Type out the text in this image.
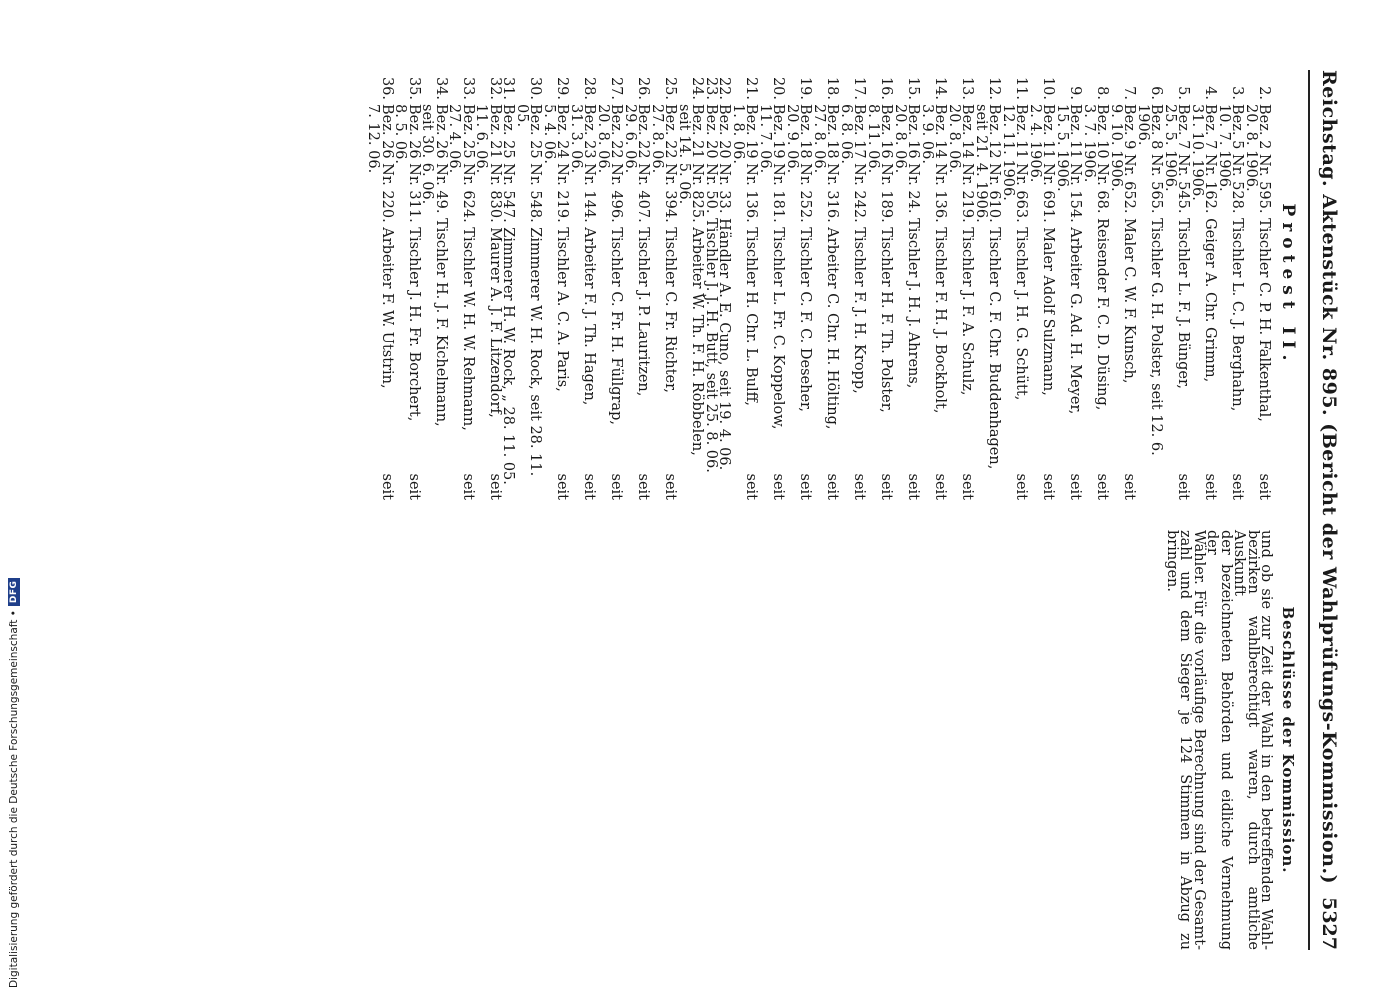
Reichstag. Aktenstück Nr. 895. (Bericht der Wahlprüfungs-Kommission.)
5327
Protest II.
2.
Bez. 2 Nr. 595. Tischler C. P. H. Falkenthal,
seit
20. 8. 1906.
3.
Bez. 5 Nr. 528. Tischler L. C. J. Berghahn,
seit
10. 7. 1906.
4.
Bez. 7 Nr. 162. Geiger A. Chr. Grimm,
seit
31. 10. 1906.
5.
Bez. 7 Nr. 545. Tischler L. F. J. Bünger,
seit
25. 5. 1906.
6.
Bez. 8 Nr. 565. Tischler G. H. Polster, seit 12. 6. 1906.
7.
Bez. 9 Nr. 652. Maler C. W. F. Kunsch,
seit
9. 10. 1906.
8.
Bez. 10 Nr. 68. Reisender F. C. D. Düsing,
seit
3. 7. 1906.
9.
Bez. 11 Nr. 154. Arbeiter G. Ad. H. Meyer,
seit
15. 5. 1906.
10.
Bez. 11 Nr. 691. Maler Adolf Sulzmann,
seit
2. 4. 1906.
11.
Bez. 11 Nr. 663. Tischler J. H. G. Schütt,
seit
12. 11. 1906.
12.
Bez. 12 Nr. 610. Tischler C. F. Chr. Buddenhagen,
seit 21. 4. 1906.
13.
Bez. 14 Nr. 219. Tischler J. F. A. Schulz,
seit
20. 8. 06.
14.
Bez. 14 Nr. 136. Tischler F. H. J. Bockholt,
seit
3. 9. 06.
15.
Bez. 16 Nr. 24. Tischler J. H. J. Ahrens,
seit
20. 8. 06.
16.
Bez. 16 Nr. 189. Tischler H. F. Th. Polster,
seit
8. 11. 06.
17.
Bez. 17 Nr. 242. Tischler F. J. H. Kropp,
seit
6. 8. 06.
18.
Bez. 18 Nr. 316. Arbeiter C. Chr. H. Hölting,
seit
27. 8. 06.
19.
Bez. 18 Nr. 252. Tischler C. F. C. Deseher,
seit
20. 9. 06.
20.
Bez. 19 Nr. 181. Tischler L. Fr. C. Koppelow,
seit
11. 7. 06.
21.
Bez. 19 Nr. 136. Tischler H. Chr. L. Bulff,
seit
1. 8. 06.
22.
Bez. 20 Nr. 33. Händler A. E. Cuno, seit 19. 4. 06.
23.
Bez. 20 Nr. 50. Tischler J. J. H. Butt, seit 25. 8. 06.
24.
Bez. 21 Nr. 825. Arbeiter W. Th. F. H. Röbbelen,
seit 14. 5. 06.
25.
Bez. 22 Nr. 394. Tischler C. Fr. Richter,
seit
27. 8. 06.
26.
Bez. 22 Nr. 407. Tischler J. P. Lauritzen,
seit
29. 6. 06.
27.
Bez. 22 Nr. 496. Tischler C. Fr. H. Füllgrap,
seit
20. 8. 06.
28.
Bez. 23 Nr. 144. Arbeiter F. J. Th. Hagen,
seit
31. 3. 06.
29.
Bez. 24 Nr. 219. Tischler A. C. A. Paris,
seit
5. 4. 06.
30.
Bez. 25 Nr. 548. Zimmerer W. H. Rock, seit 28. 11. 05.
31.
Bez. 25 Nr. 547. Zimmerer H. W. Rock, „ 28. 11. 05.
32.
Bez. 21 Nr. 830. Maurer A. J. F. Litzendorf,
seit
11. 6. 06.
33.
Bez. 25 Nr. 624. Tischler W. H. W. Rehmann,
seit
27. 4. 06.
34.
Bez. 26 Nr. 49. Tischler H. J. F. Kichelmann,
seit 30. 6. 06.
35.
Bez. 26 Nr. 311. Tischler J. H. Fr. Borchert,
seit
8. 5. 06.
36.
Bez. 26 Nr. 220. Arbeiter F. W. Utstrin,
seit
7. 12. 06.
Beschlüsse der Kommission.
und ob sie zur Zeit der Wahl in den betreffenden Wahl-
bezirken wahlberechtigt waren, durch amtliche Auskunft
der bezeichneten Behörden und eidliche Vernehmung der
Wähler. Für die vorläufige Berechnung sind der Gesamt-
zahl und dem Sieger je 124 Stimmen in Abzug zu
bringen.
Digitalisierung gefördert durch die Deutsche Forschungsgemeinschaft •
DFG
